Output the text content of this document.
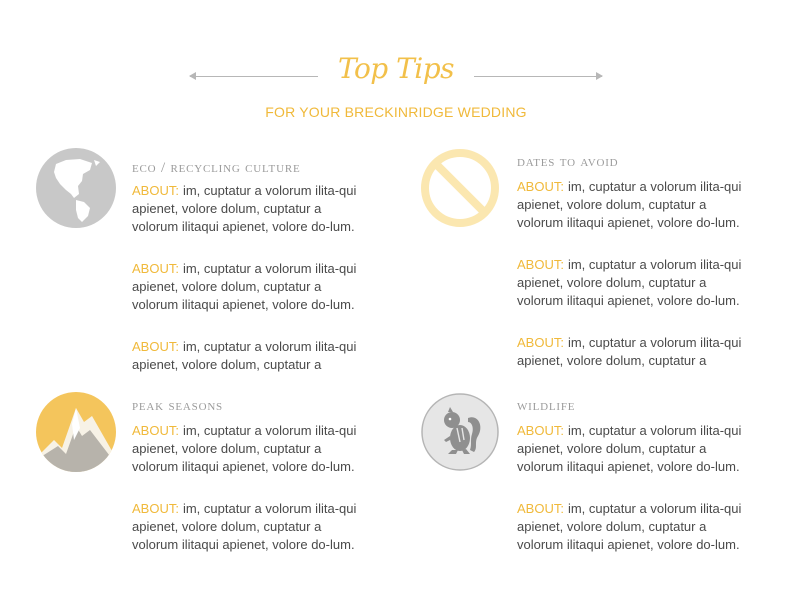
Top Tips
FOR YOUR BRECKINRIDGE WEDDING
eco / recycling culture
ABOUT: im, cuptatur a volorum ilita-qui apienet, volore dolum, cuptatur a volorum ilitaqui apienet, volore do-lum.
ABOUT: im, cuptatur a volorum ilita-qui apienet, volore dolum, cuptatur a volorum ilitaqui apienet, volore do-lum.
ABOUT: im, cuptatur a volorum ilita-qui apienet, volore dolum, cuptatur a
dates to avoid
ABOUT: im, cuptatur a volorum ilita-qui apienet, volore dolum, cuptatur a volorum ilitaqui apienet, volore do-lum.
ABOUT: im, cuptatur a volorum ilita-qui apienet, volore dolum, cuptatur a volorum ilitaqui apienet, volore do-lum.
ABOUT: im, cuptatur a volorum ilita-qui apienet, volore dolum, cuptatur a
peak seasons
ABOUT: im, cuptatur a volorum ilita-qui apienet, volore dolum, cuptatur a volorum ilitaqui apienet, volore do-lum.
ABOUT: im, cuptatur a volorum ilita-qui apienet, volore dolum, cuptatur a volorum ilitaqui apienet, volore do-lum.
wildlife
ABOUT: im, cuptatur a volorum ilita-qui apienet, volore dolum, cuptatur a volorum ilitaqui apienet, volore do-lum.
ABOUT: im, cuptatur a volorum ilita-qui apienet, volore dolum, cuptatur a volorum ilitaqui apienet, volore do-lum.
